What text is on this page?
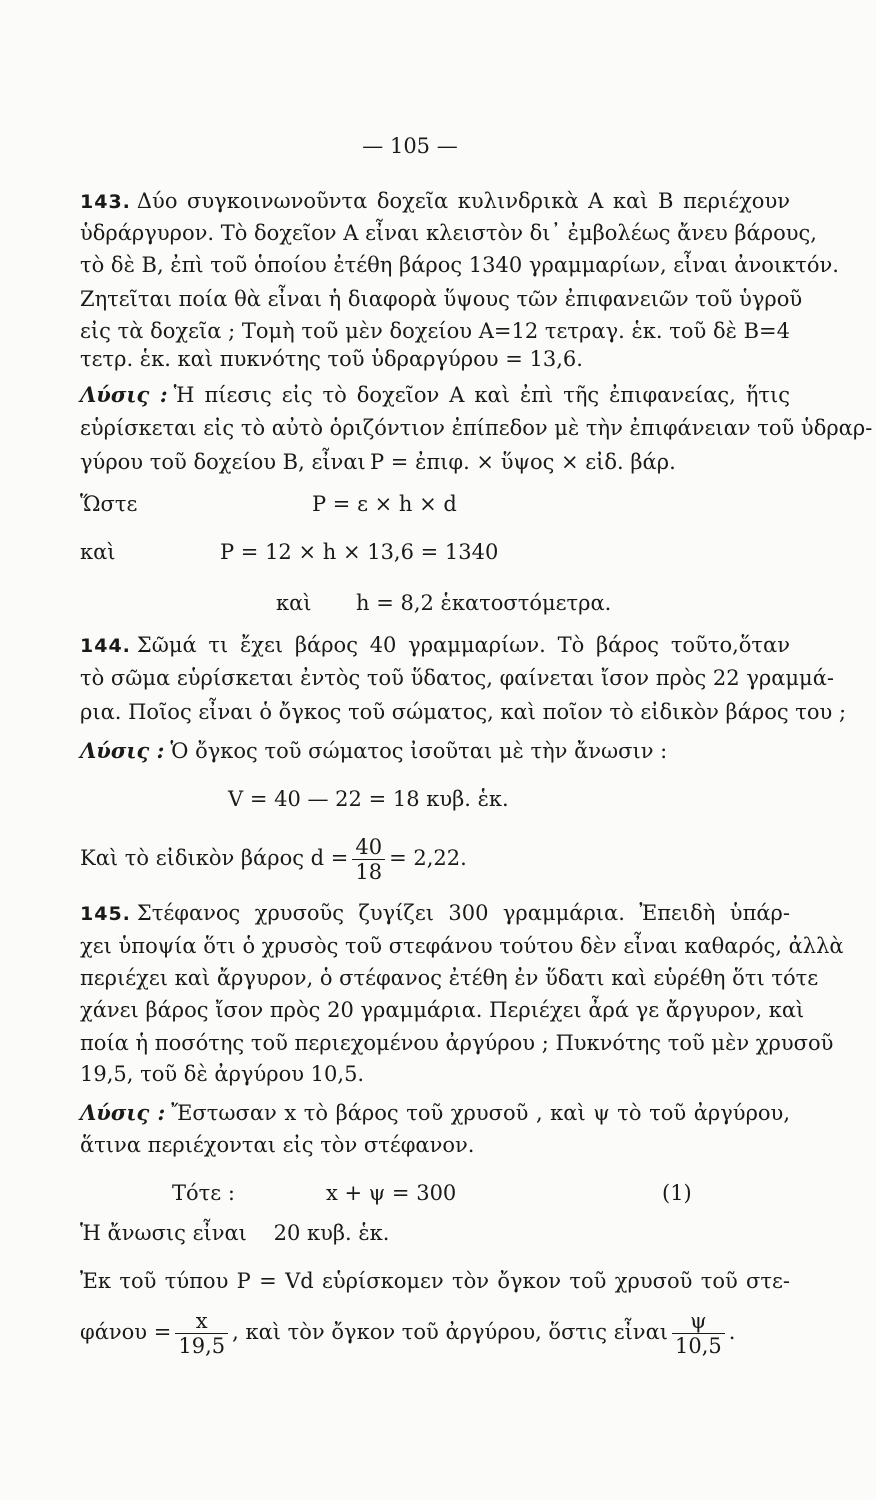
— 105 —
143. Δύο συγκοινωνοῦντα δοχεῖα κυλινδρικὰ Α καὶ Β περιέχουν
ὑδράργυρον. Τὸ δοχεῖον Α εἶναι κλειστὸν δι᾽ ἐμβολέως ἄνευ βάρους,
τὸ δὲ Β, ἐπὶ τοῦ ὁποίου ἐτέθη βάρος 1340 γραμμαρίων, εἶναι ἀνοικτόν.
Ζητεῖται ποία θὰ εἶναι ἡ διαφορὰ ὕψους τῶν ἐπιφανειῶν τοῦ ὑγροῦ
εἰς τὰ δοχεῖα ; Τομὴ τοῦ μὲν δοχείου Α=12 τετραγ. ἑκ. τοῦ δὲ Β=4
τετρ. ἑκ. καὶ πυκνότης τοῦ ὑδραργύρου = 13,6.
Λύσις : Ἡ πίεσις εἰς τὸ δοχεῖον Α καὶ ἐπὶ τῆς ἐπιφανείας, ἥτις
εὑρίσκεται εἰς τὸ αὐτὸ ὁριζόντιον ἐπίπεδον μὲ τὴν ἐπιφάνειαν τοῦ ὑδραρ-
γύρου τοῦ δοχείου Β, εἶναι P = ἐπιφ. × ὕψος × εἰδ. βάρ.
Ὥστε	P = ε × h × d
καὶ	P = 12 × h × 13,6 = 1340
καὶ h = 8,2 ἑκατοστόμετρα.
144. Σῶμά τι ἔχει βάρος 40 γραμμαρίων. Τὸ βάρος τοῦτο,ὅταν
τὸ σῶμα εὑρίσκεται ἐντὸς τοῦ ὕδατος, φαίνεται ἴσον πρὸς 22 γραμμά-
ρια. Ποῖος εἶναι ὁ ὄγκος τοῦ σώματος, καὶ ποῖον τὸ εἰδικὸν βάρος του ;
Λύσις : Ὁ ὄγκος τοῦ σώματος ἰσοῦται μὲ τὴν ἄνωσιν :
V = 40 — 22 = 18 κυβ. ἑκ.
Καὶ τὸ εἰδικὸν βάρος $d = \frac{40}{18} = 2,22$.
145. Στέφανος χρυσοῦς ζυγίζει 300 γραμμάρια. Ἐπειδὴ ὑπάρ-
χει ὑποψία ὅτι ὁ χρυσὸς τοῦ στεφάνου τούτου δὲν εἶναι καθαρός, ἀλλὰ
περιέχει καὶ ἄργυρον, ὁ στέφανος ἐτέθη ἐν ὕδατι καὶ εὑρέθη ὅτι τότε
χάνει βάρος ἴσον πρὸς 20 γραμμάρια. Περιέχει ἆρά γε ἄργυρον, καὶ
ποία ἡ ποσότης τοῦ περιεχομένου ἀργύρου ; Πυκνότης τοῦ μὲν χρυσοῦ
19,5, τοῦ δὲ ἀργύρου 10,5.
Λύσις : Ἔστωσαν x τὸ βάρος τοῦ χρυσοῦ , καὶ ψ τὸ τοῦ ἀργύρου,
ἅτινα περιέχονται εἰς τὸν στέφανον.
Τότε :	x + ψ = 300	(1)
Ἡ ἄνωσις εἶναι    20 κυβ. ἑκ.
Ἐκ τοῦ τύπου P = Vd εὑρίσκομεν τὸν ὄγκον τοῦ χρυσοῦ τοῦ στε-
$\varphi ά\nu o\upsilon = \frac{x}{19,5}$ , καὶ τὸν ὄγκον τοῦ ἀργύρου, ὅστις εἶναι $\frac{\psi}{10,5}$ .
